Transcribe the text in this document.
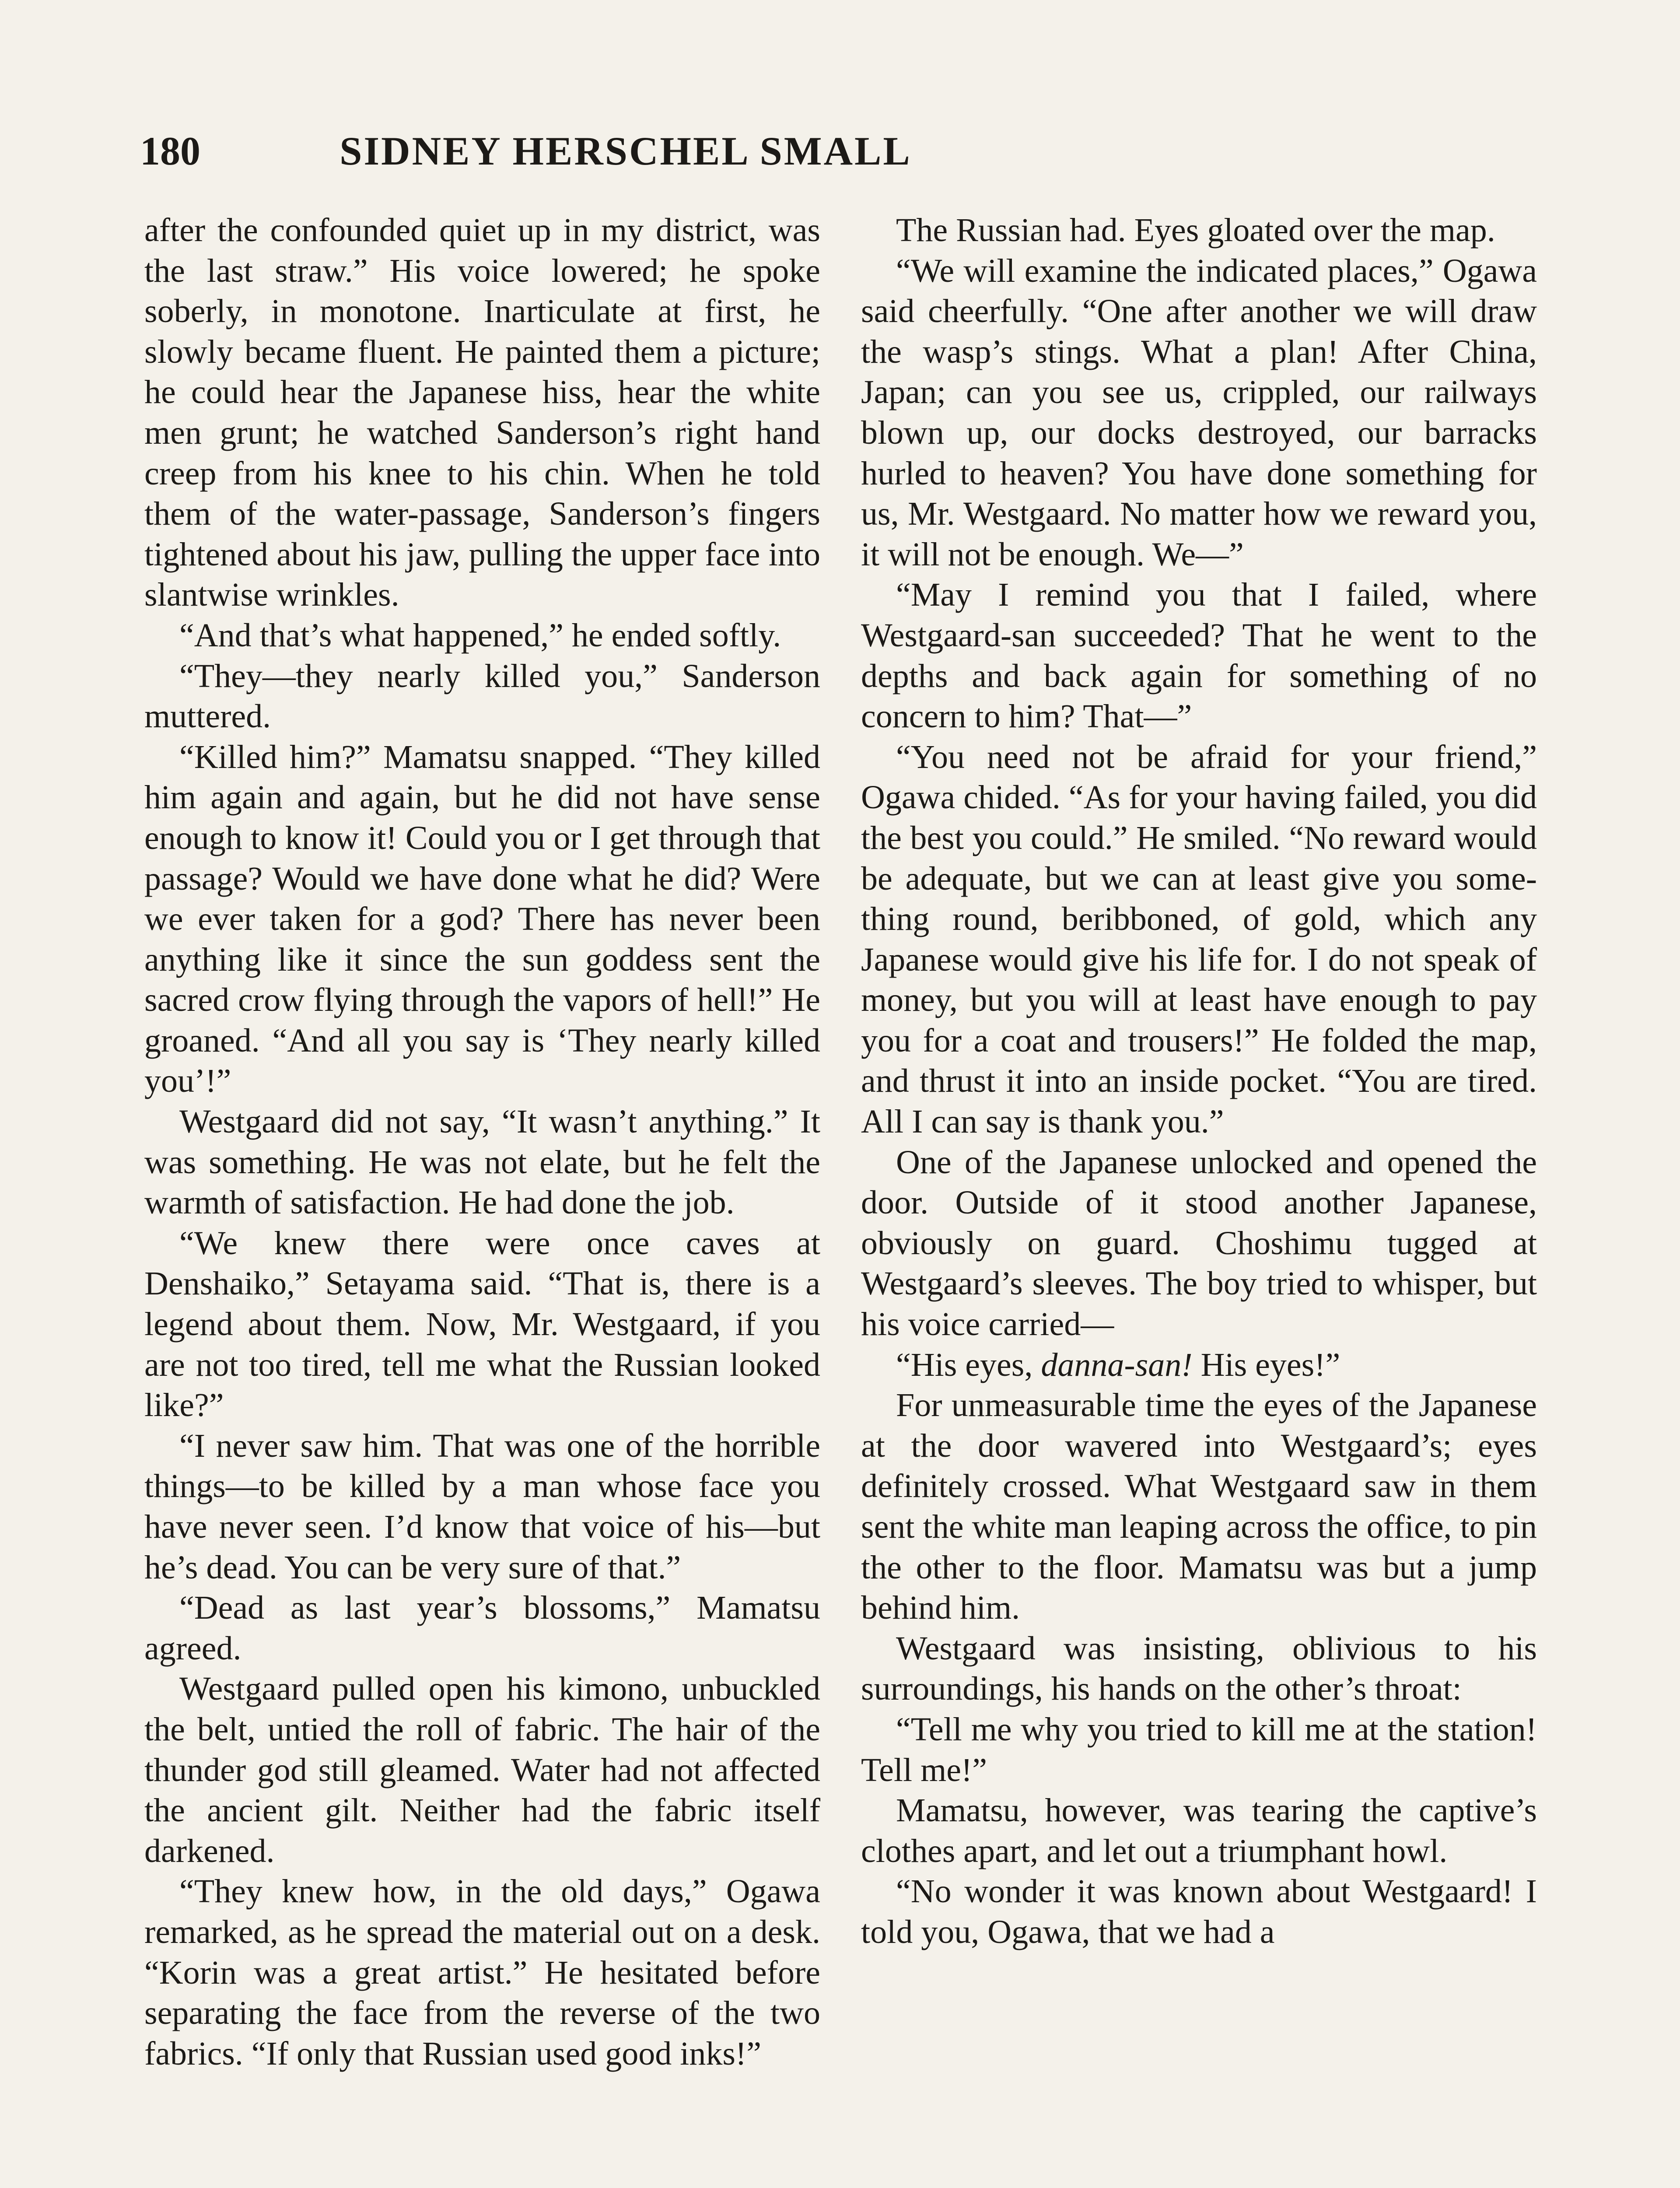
180	SIDNEY HERSCHEL SMALL

after the confounded quiet up in my district, was the last straw.” His voice lowered; he spoke soberly, in monotone. Inarticulate at first, he slowly became fluent. He painted them a picture; he could hear the Japanese hiss, hear the white men grunt; he watched Sanderson’s right hand creep from his knee to his chin. When he told them of the water-passage, Sanderson’s fingers tightened about his jaw, pulling the upper face into slantwise wrinkles.

“And that’s what happened,” he ended softly.

“They—they nearly killed you,” Sanderson muttered.

“Killed him?” Mamatsu snapped. “They killed him again and again, but he did not have sense enough to know it! Could you or I get through that passage? Would we have done what he did? Were we ever taken for a god? There has never been anything like it since the sun goddess sent the sacred crow flying through the vapors of hell!” He groaned. “And all you say is ‘They nearly killed you’!”

Westgaard did not say, “It wasn’t anything.” It was something. He was not elate, but he felt the warmth of satisfaction. He had done the job.

“We knew there were once caves at Denshaiko,” Setayama said. “That is, there is a legend about them. Now, Mr. Westgaard, if you are not too tired, tell me what the Russian looked like?”

“I never saw him. That was one of the horrible things—to be killed by a man whose face you have never seen. I’d know that voice of his—but he’s dead. You can be very sure of that.”

“Dead as last year’s blossoms,” Mamatsu agreed.

Westgaard pulled open his kimono, unbuckled the belt, untied the roll of fabric. The hair of the thunder god still gleamed. Water had not affected the ancient gilt. Neither had the fabric itself darkened.

“They knew how, in the old days,” Ogawa remarked, as he spread the material out on a desk. “Korin was a great artist.” He hesitated before separating the face from the reverse of the two fabrics. “If only that Russian used good inks!”

The Russian had. Eyes gloated over the map.

“We will examine the indicated places,” Ogawa said cheerfully. “One after another we will draw the wasp’s stings. What a plan! After China, Japan; can you see us, crippled, our railways blown up, our docks destroyed, our barracks hurled to heaven? You have done something for us, Mr. Westgaard. No matter how we reward you, it will not be enough. We—”

“May I remind you that I failed, where Westgaard-san succeeded? That he went to the depths and back again for something of no concern to him? That—”

“You need not be afraid for your friend,” Ogawa chided. “As for your having failed, you did the best you could.” He smiled. “No reward would be adequate, but we can at least give you something round, beribboned, of gold, which any Japanese would give his life for. I do not speak of money, but you will at least have enough to pay you for a coat and trousers!” He folded the map, and thrust it into an inside pocket. “You are tired. All I can say is thank you.”

One of the Japanese unlocked and opened the door. Outside of it stood another Japanese, obviously on guard. Choshimu tugged at Westgaard’s sleeves. The boy tried to whisper, but his voice carried—

“His eyes, danna-san! His eyes!”

For unmeasurable time the eyes of the Japanese at the door wavered into Westgaard’s; eyes definitely crossed. What Westgaard saw in them sent the white man leaping across the office, to pin the other to the floor. Mamatsu was but a jump behind him.

Westgaard was insisting, oblivious to his surroundings, his hands on the other’s throat:

“Tell me why you tried to kill me at the station! Tell me!”

Mamatsu, however, was tearing the captive’s clothes apart, and let out a triumphant howl.

“No wonder it was known about Westgaard! I told you, Ogawa, that we had a
